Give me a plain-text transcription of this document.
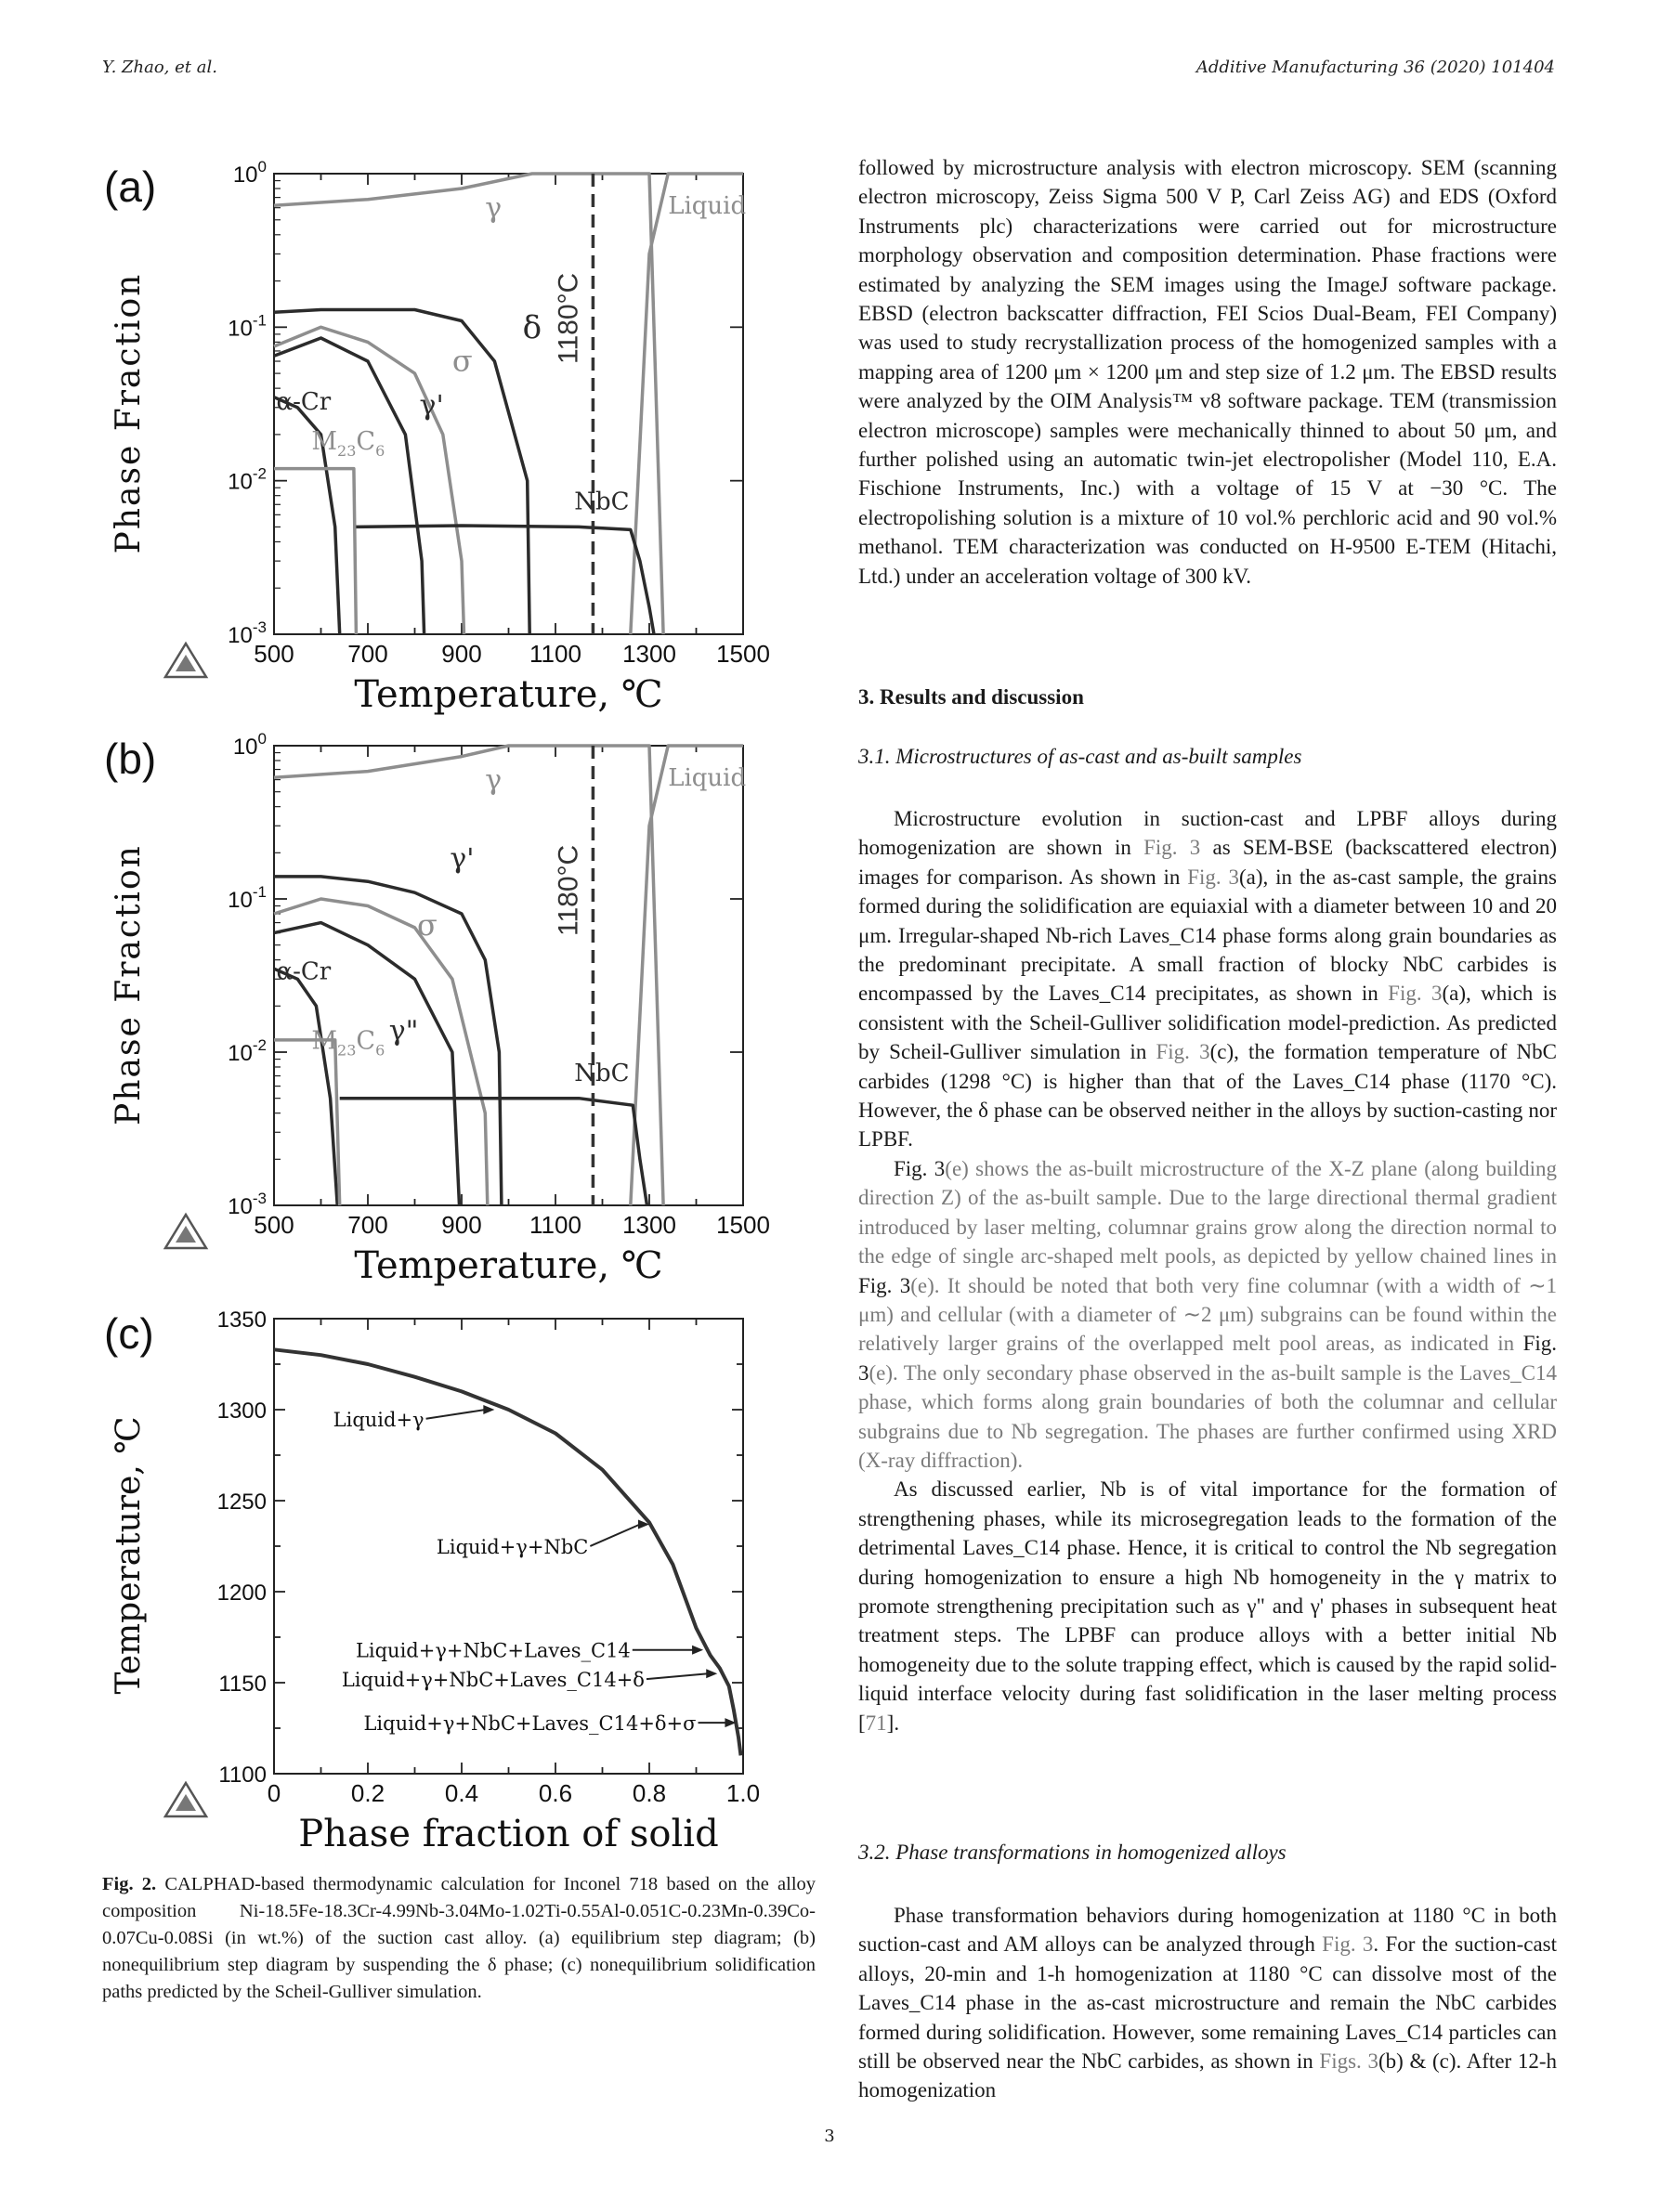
Y. Zhao, et al.	Additive Manufacturing 36 (2020) 101404
500 700 900 1100 1300 1500
$10^0$
$10^{-1}$
$10^{-2}$
$10^{-3}$
1180°C
(a)
Phase Fraction
Temperature, ℃
γ	Liquid
δ
σ
γ'
α-Cr
NbC
$M_{23}C_6$
500 700 900 1100 1300 1500
$10^0$
$10^{-1}$
$10^{-2}$
$10^{-3}$
1180°C
(b)
Phase Fraction
Temperature, ℃
γ	Liquid
γ'
σ
α-Cr
γ"
NbC
$M_{23}C_6$
0	0.2 0.4 0.6 0.8 1.0
1350
1300
1250
1200
1150
1100
(c)
Temperature, ℃
Phase fraction of solid
Liquid+γ
Liquid+γ+NbC
Liquid+γ+NbC+Laves_C14
Liquid+γ+NbC+Laves_C14+δ
Liquid+γ+NbC+Laves_C14+δ+σ
Fig. 2. CALPHAD-based thermodynamic calculation for Inconel 718 based on the alloy composition Ni-18.5Fe-18.3Cr-4.99Nb-3.04Mo-1.02Ti-0.55Al-0.051C-0.23Mn-0.39Co-0.07Cu-0.08Si (in wt.%) of the suction cast alloy. (a) equilibrium step diagram; (b) nonequilibrium step diagram by suspending the δ phase; (c) nonequilibrium solidification paths predicted by the Scheil-Gulliver simulation.

followed by microstructure analysis with electron microscopy. SEM (scanning electron microscopy, Zeiss Sigma 500 V P, Carl Zeiss AG) and EDS (Oxford Instruments plc) characterizations were carried out for microstructure morphology observation and composition determination. Phase fractions were estimated by analyzing the SEM images using the ImageJ software package. EBSD (electron backscatter diffraction, FEI Scios Dual-Beam, FEI Company) was used to study recrystallization process of the homogenized samples with a mapping area of 1200 μm × 1200 μm and step size of 1.2 μm. The EBSD results were analyzed by the OIM Analysis™ v8 software package. TEM (transmission electron microscope) samples were mechanically thinned to about 50 μm, and further polished using an automatic twin-jet electropolisher (Model 110, E.A. Fischione Instruments, Inc.) with a voltage of 15 V at −30 °C. The electropolishing solution is a mixture of 10 vol.% perchloric acid and 90 vol.% methanol. TEM characterization was conducted on H-9500 E-TEM (Hitachi, Ltd.) under an acceleration voltage of 300 kV.

3. Results and discussion
3.1. Microstructures of as-cast and as-built samples

Microstructure evolution in suction-cast and LPBF alloys during homogenization are shown in Fig. 3 as SEM-BSE (backscattered electron) images for comparison. As shown in Fig. 3(a), in the as-cast sample, the grains formed during the solidification are equiaxial with a diameter between 10 and 20 μm. Irregular-shaped Nb-rich Laves_C14 phase forms along grain boundaries as the predominant precipitate. A small fraction of blocky NbC carbides is encompassed by the Laves_C14 precipitates, as shown in Fig. 3(a), which is consistent with the Scheil-Gulliver solidification model-prediction. As predicted by Scheil-Gulliver simulation in Fig. 3(c), the formation temperature of NbC carbides (1298 °C) is higher than that of the Laves_C14 phase (1170 °C). However, the δ phase can be observed neither in the alloys by suction-casting nor LPBF.

Fig. 3(e) shows the as-built microstructure of the X-Z plane (along building direction Z) of the as-built sample. Due to the large directional thermal gradient introduced by laser melting, columnar grains grow along the direction normal to the edge of single arc-shaped melt pools, as depicted by yellow chained lines in Fig. 3(e). It should be noted that both very fine columnar (with a width of ∼1 μm) and cellular (with a diameter of ∼2 μm) subgrains can be found within the relatively larger grains of the overlapped melt pool areas, as indicated in Fig. 3(e). The only secondary phase observed in the as-built sample is the Laves_C14 phase, which forms along grain boundaries of both the columnar and cellular subgrains due to Nb segregation. The phases are further confirmed using XRD (X-ray diffraction).

As discussed earlier, Nb is of vital importance for the formation of strengthening phases, while its microsegregation leads to the formation of the detrimental Laves_C14 phase. Hence, it is critical to control the Nb segregation during homogenization to ensure a high Nb homogeneity in the γ matrix to promote strengthening precipitation such as γ" and γ' phases in subsequent heat treatment steps. The LPBF can produce alloys with a better initial Nb homogeneity due to the solute trapping effect, which is caused by the rapid solid-liquid interface velocity during fast solidification in the laser melting process [71].

3.2. Phase transformations in homogenized alloys

Phase transformation behaviors during homogenization at 1180 °C in both suction-cast and AM alloys can be analyzed through Fig. 3. For the suction-cast alloys, 20-min and 1-h homogenization at 1180 °C can dissolve most of the Laves_C14 phase in the as-cast microstructure and remain the NbC carbides formed during solidification. However, some remaining Laves_C14 particles can still be observed near the NbC carbides, as shown in Figs. 3(b) & (c). After 12-h homogenization

3
